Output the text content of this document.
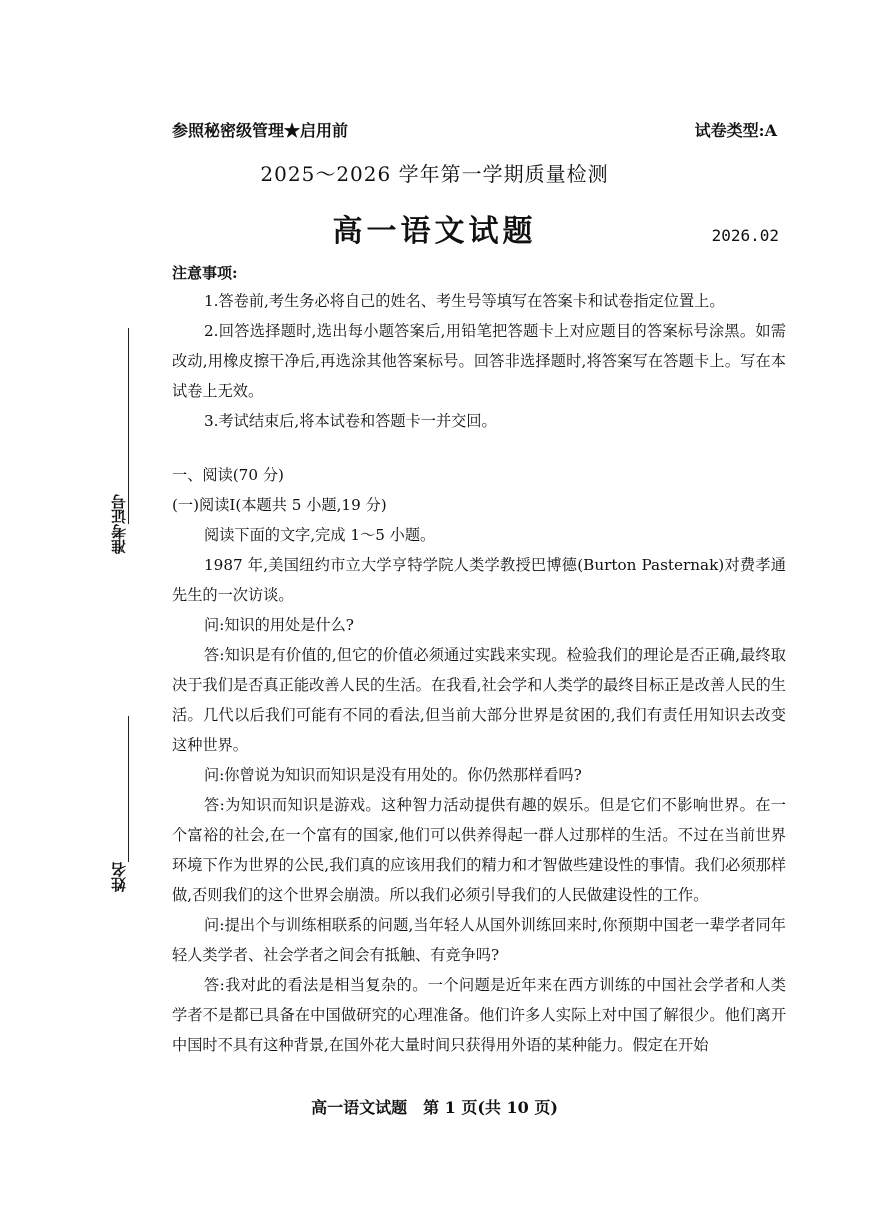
准考证号
姓名
参照秘密级管理★启用前	试卷类型:A
2025～2026 学年第一学期质量检测
高一语文试题	2026.02
注意事项:

1.答卷前,考生务必将自己的姓名、考生号等填写在答案卡和试卷指定位置上。

2.回答选择题时,选出每小题答案后,用铅笔把答题卡上对应题目的答案标号涂黑。如需改动,用橡皮擦干净后,再选涂其他答案标号。回答非选择题时,将答案写在答题卡上。写在本试卷上无效。

3.考试结束后,将本试卷和答题卡一并交回。

一、阅读(70 分)

(一)阅读Ⅰ(本题共 5 小题,19 分)

阅读下面的文字,完成 1～5 小题。

1987 年,美国纽约市立大学亨特学院人类学教授巴博德(Burton Pasternak)对费孝通先生的一次访谈。

问:知识的用处是什么?

答:知识是有价值的,但它的价值必须通过实践来实现。检验我们的理论是否正确,最终取决于我们是否真正能改善人民的生活。在我看,社会学和人类学的最终目标正是改善人民的生活。几代以后我们可能有不同的看法,但当前大部分世界是贫困的,我们有责任用知识去改变这种世界。

问:你曾说为知识而知识是没有用处的。你仍然那样看吗?

答:为知识而知识是游戏。这种智力活动提供有趣的娱乐。但是它们不影响世界。在一个富裕的社会,在一个富有的国家,他们可以供养得起一群人过那样的生活。不过在当前世界环境下作为世界的公民,我们真的应该用我们的精力和才智做些建设性的事情。我们必须那样做,否则我们的这个世界会崩溃。所以我们必须引导我们的人民做建设性的工作。

问:提出个与训练相联系的问题,当年轻人从国外训练回来时,你预期中国老一辈学者同年轻人类学者、社会学者之间会有抵触、有竞争吗?

答:我对此的看法是相当复杂的。一个问题是近年来在西方训练的中国社会学者和人类学者不是都已具备在中国做研究的心理准备。他们许多人实际上对中国了解很少。他们离开中国时不具有这种背景,在国外花大量时间只获得用外语的某种能力。假定在开始

高一语文试题　第 1 页(共 10 页)
